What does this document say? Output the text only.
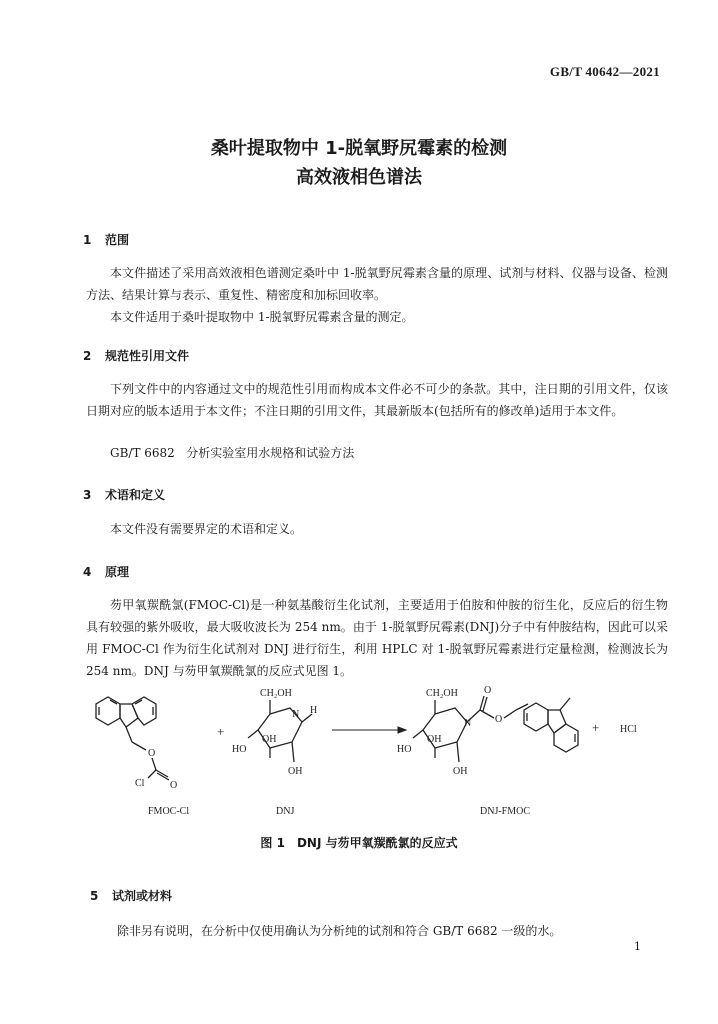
GB/T 40642—2021
桑叶提取物中 1-脱氧野尻霉素的检测
高效液相色谱法
1 范围

本文件描述了采用高效液相色谱测定桑叶中 1-脱氧野尻霉素含量的原理、试剂与材料、仪器与设备、检测方法、结果计算与表示、重复性、精密度和加标回收率。

本文件适用于桑叶提取物中 1-脱氧野尻霉素含量的测定。

2 规范性引用文件

下列文件中的内容通过文中的规范性引用而构成本文件必不可少的条款。其中，注日期的引用文件，仅该日期对应的版本适用于本文件；不注日期的引用文件，其最新版本(包括所有的修改单)适用于本文件。

GB/T 6682 分析实验室用水规格和试验方法
3 术语和定义

本文件没有需要界定的术语和定义。

4 原理

芴甲氧羰酰氯(FMOC-Cl)是一种氨基酸衍生化试剂，主要适用于伯胺和仲胺的衍生化，反应后的衍生物具有较强的紫外吸收，最大吸收波长为 254 nm。由于 1-脱氧野尻霉素(DNJ)分子中有仲胺结构，因此可以采用 FMOC-Cl 作为衍生化试剂对 DNJ 进行衍生，利用 HPLC 对 1-脱氧野尻霉素进行定量检测，检测波长为 254 nm。DNJ 与芴甲氧羰酰氯的反应式见图 1。

O
Cl	O
FMOC-Cl
+
CH₂OH
N H
HO
OH
OH
DNJ
CH₂OH
N
O
O
HO
OH
OH
DNJ-FMOC
+ HCl
图 1 DNJ 与芴甲氧羰酰氯的反应式
5 试剂或材料

除非另有说明，在分析中仅使用确认为分析纯的试剂和符合 GB/T 6682 一级的水。

1
